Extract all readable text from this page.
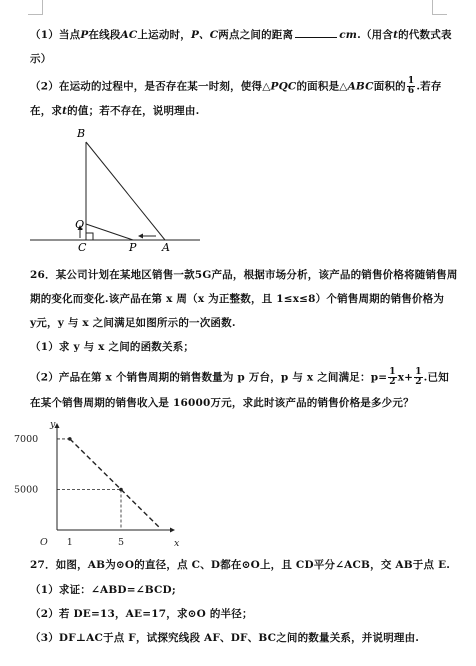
（1）当点P在线段AC上运动时，P、C两点之间的距离	cm.（用含t的代数式表
示）
（2）在运动的过程中，是否存在某一时刻，使得△PQC的面积是△ABC面积的 $\frac{1}{6}$ .若存
在，求t的值；若不存在，说明理由.
B
Q
C	P A
26．某公司计划在某地区销售一款5G产品，根据市场分析，该产品的销售价格将随销售周
期的变化而变化.该产品在第 x 周（x 为正整数，且 1≤x≤8）个销售周期的销售价格为
y元，y 与 x 之间满足如图所示的一次函数.
（1）求 y 与 x 之间的函数关系；
（2）产品在第 x 个销售周期的销售数量为 p 万台，p 与 x 之间满足：$p= \frac{1}{2} x+ \frac{1}{2}$ .已知
在某个销售周期的销售收入是 16000万元，求此时该产品的销售价格是多少元？
y
x
O 1	5
7000
5000
27．如图，AB为⊙O的直径，点 C、D都在⊙O上，且 CD平分∠ACB，交 AB于点 E.
（1）求证：∠ABD=∠BCD;
（2）若 DE=13，AE=17，求⊙O 的半径；
（3）DF⊥AC于点 F，试探究线段 AF、DF、BC之间的数量关系，并说明理由.
